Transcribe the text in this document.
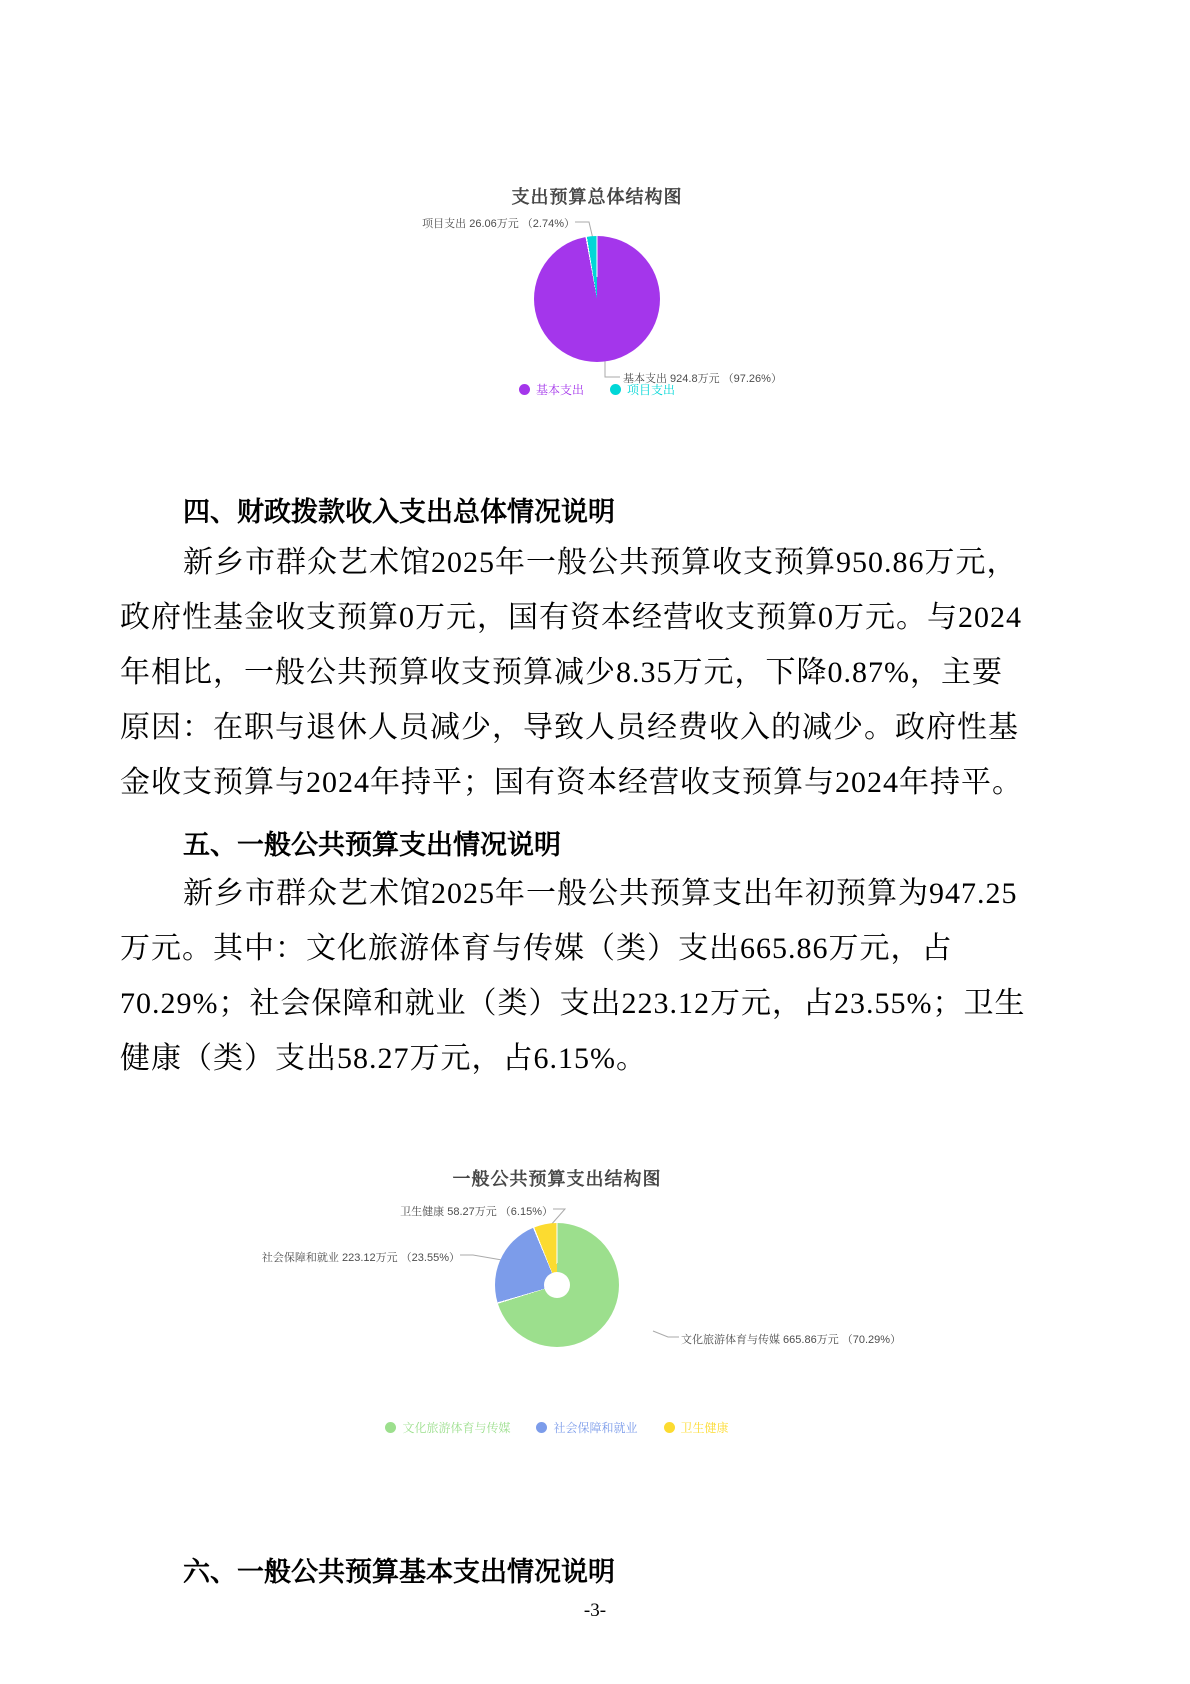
支出预算总体结构图
项目支出 26.06万元 （2.74%）
基本支出 924.8万元 （97.26%）
基本支出	项目支出
四、财政拨款收入支出总体情况说明
新乡市群众艺术馆2025年一般公共预算收支预算950.86万元，
政府性基金收支预算0万元，国有资本经营收支预算0万元。与2024
年相比，一般公共预算收支预算减少8.35万元，下降0.87%，主要
原因：在职与退休人员减少，导致人员经费收入的减少。政府性基
金收支预算与2024年持平；国有资本经营收支预算与2024年持平。
五、一般公共预算支出情况说明
新乡市群众艺术馆2025年一般公共预算支出年初预算为947.25
万元。其中：文化旅游体育与传媒（类）支出665.86万元，占
70.29%；社会保障和就业（类）支出223.12万元，占23.55%；卫生
健康（类）支出58.27万元，占6.15%。
一般公共预算支出结构图
卫生健康 58.27万元 （6.15%）
社会保障和就业 223.12万元 （23.55%）
文化旅游体育与传媒 665.86万元 （70.29%）
文化旅游体育与传媒	社会保障和就业	卫生健康
六、一般公共预算基本支出情况说明
-3-
